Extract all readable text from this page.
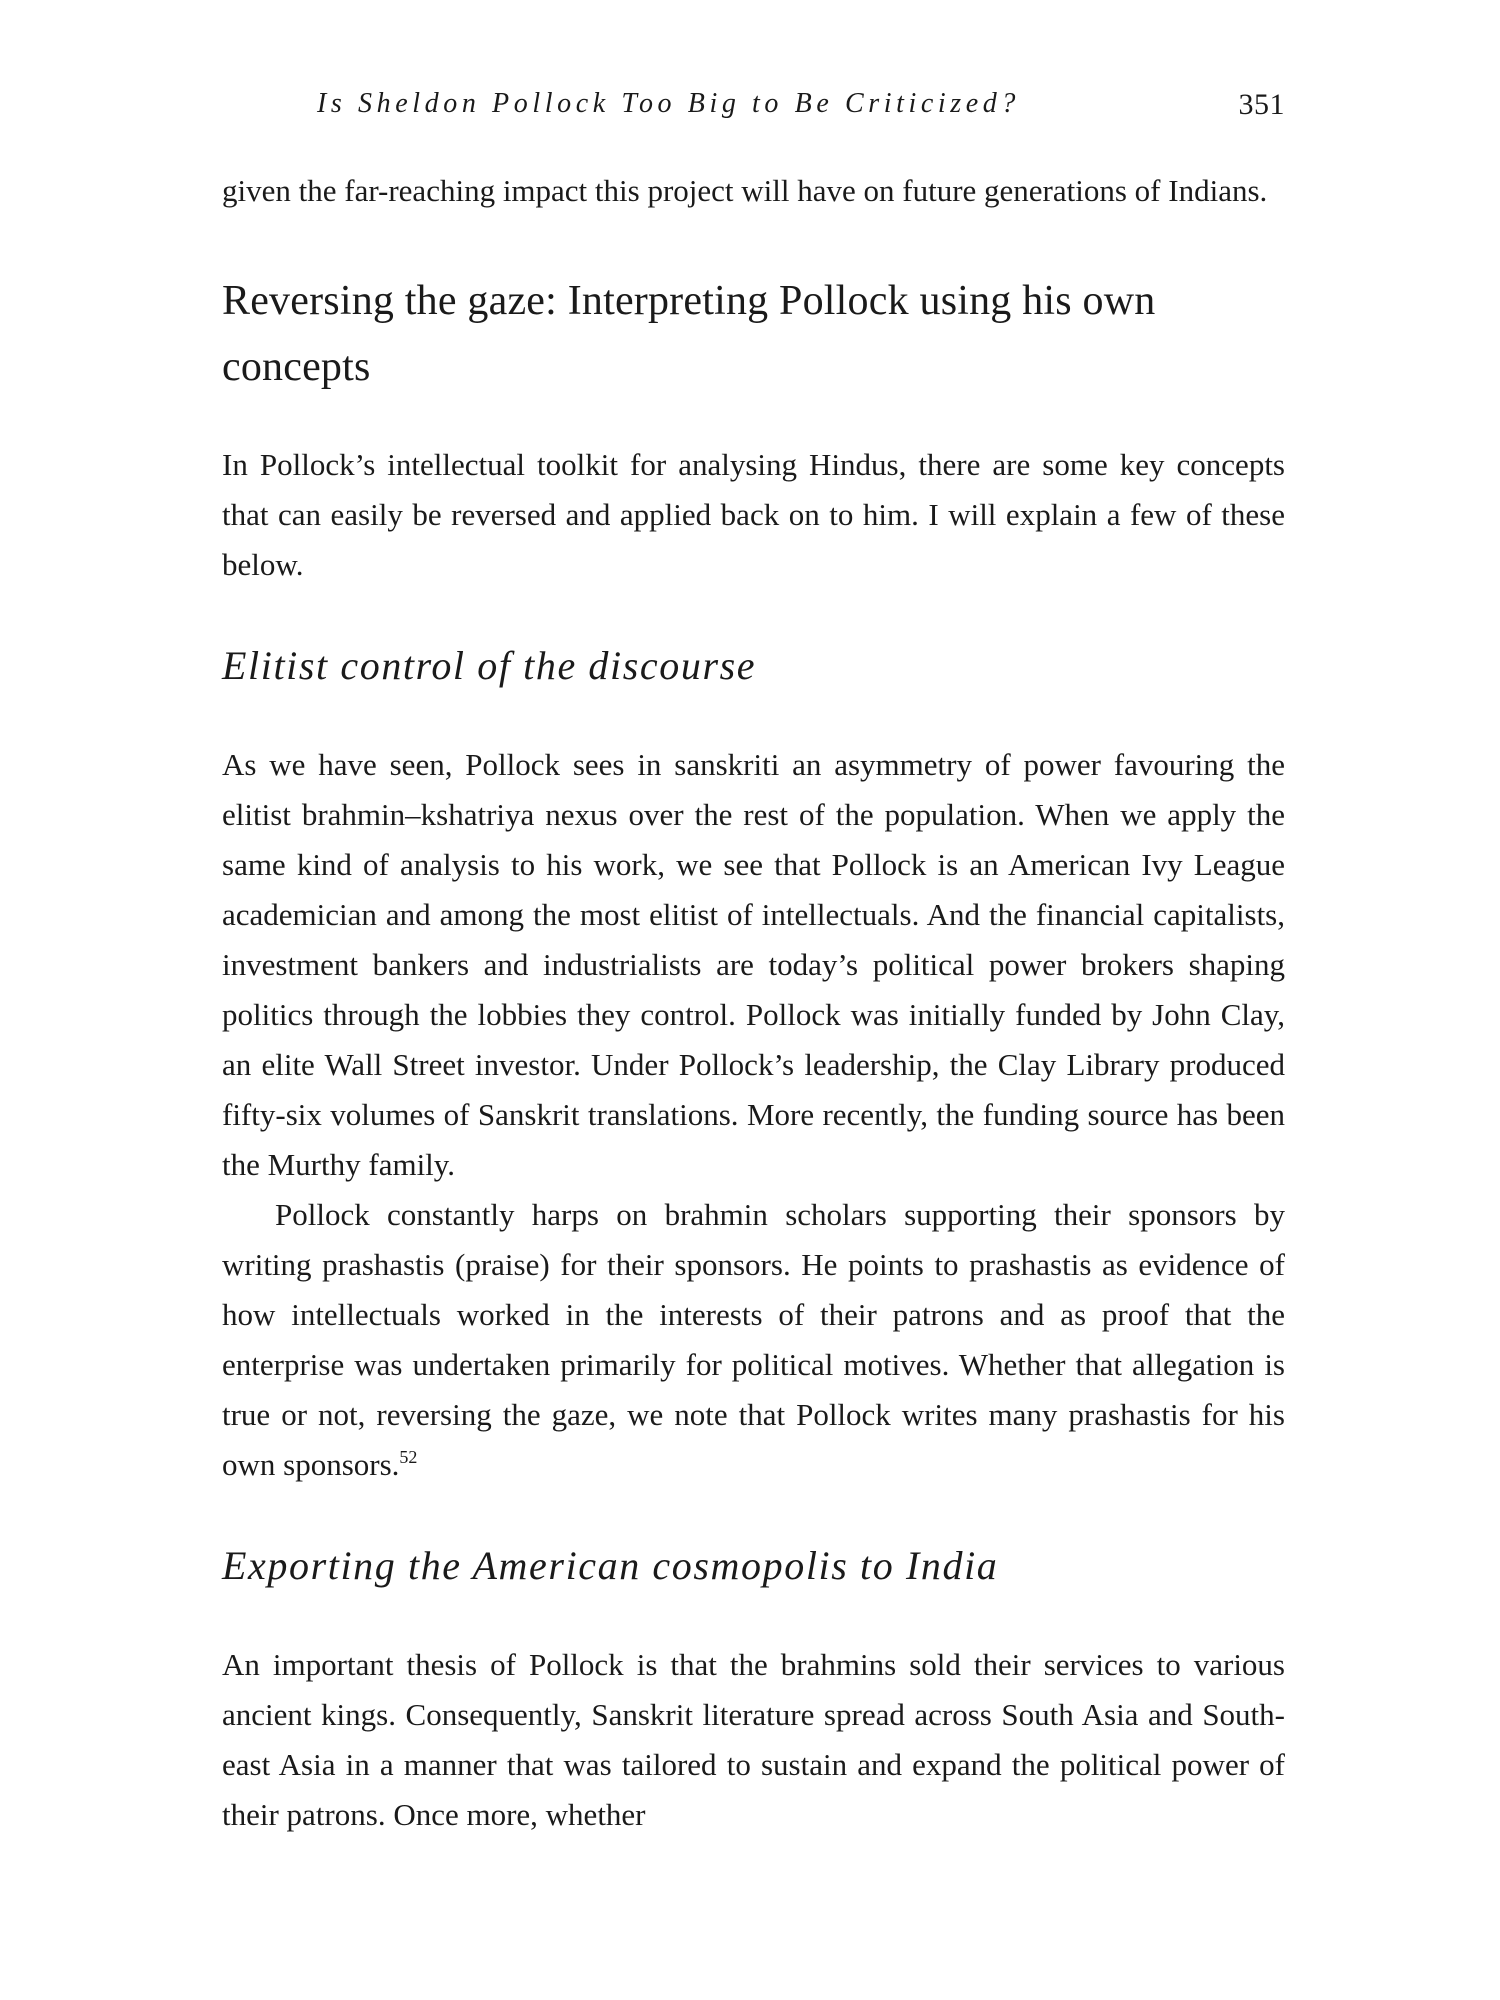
Is Sheldon Pollock Too Big to Be Criticized?	351

given the far-reaching impact this project will have on future generations of Indians.

Reversing the gaze: Interpreting Pollock using his own concepts

In Pollock’s intellectual toolkit for analysing Hindus, there are some key concepts that can easily be reversed and applied back on to him. I will explain a few of these below.

Elitist control of the discourse

As we have seen, Pollock sees in sanskriti an asymmetry of power favouring the elitist brahmin–kshatriya nexus over the rest of the population. When we apply the same kind of analysis to his work, we see that Pollock is an American Ivy League academician and among the most elitist of intellectuals. And the financial capitalists, investment bankers and industrialists are today’s political power brokers shaping politics through the lobbies they control. Pollock was initially funded by John Clay, an elite Wall Street investor. Under Pollock’s leadership, the Clay Library produced fifty-six volumes of Sanskrit translations. More recently, the funding source has been the Murthy family.

Pollock constantly harps on brahmin scholars supporting their sponsors by writing prashastis (praise) for their sponsors. He points to prashastis as evidence of how intellectuals worked in the interests of their patrons and as proof that the enterprise was undertaken primarily for political motives. Whether that allegation is true or not, reversing the gaze, we note that Pollock writes many prashastis for his own sponsors.$^{52}$

Exporting the American cosmopolis to India

An important thesis of Pollock is that the brahmins sold their services to various ancient kings. Consequently, Sanskrit literature spread across South Asia and South-east Asia in a manner that was tailored to sustain and expand the political power of their patrons. Once more, whether
